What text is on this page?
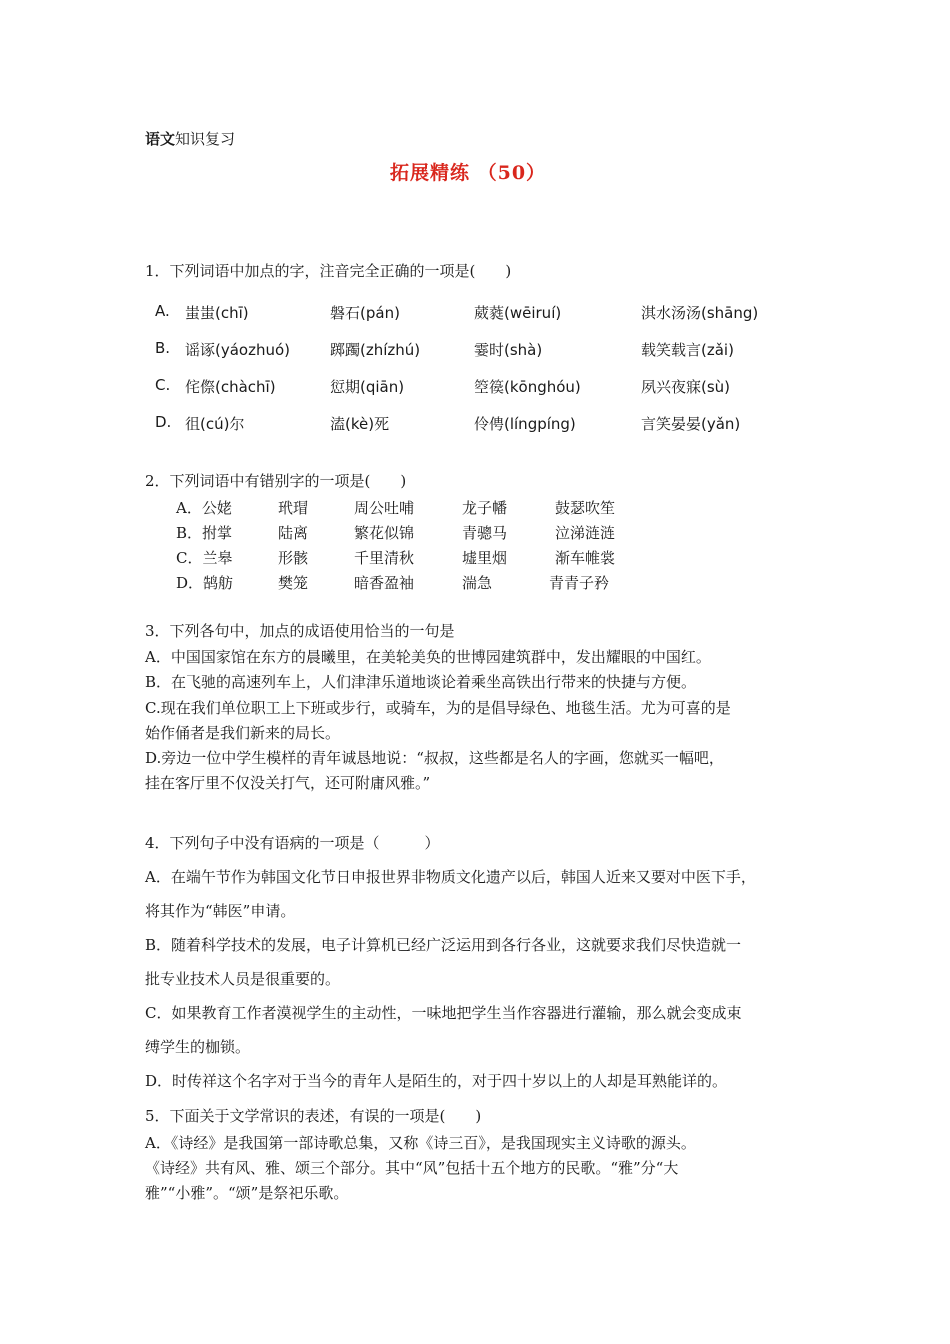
语文知识复习
拓展精练 （50）
1．下列词语中加点的字，注音完全正确的一项是(　　)
A. 蚩蚩(chī)	磐石(pán)	葳蕤(wēiruí)	淇水汤汤(shāng)
B. 谣诼(yáozhuó)	踯躅(zhízhú)	霎时(shà)	载笑载言(zǎi)
C. 侘傺(chàchī)	愆期(qiān)	箜篌(kōnghóu)	夙兴夜寐(sù)
D. 徂(cú)尔	溘(kè)死	伶俜(língpíng)	言笑晏晏(yǎn)
2．下列词语中有错别字的一项是(　　)
A．公姥	玳瑁	周公吐哺	龙子幡	鼓瑟吹笙
B．拊掌	陆离	繁花似锦	青骢马	泣涕涟涟
C．兰皋	形骸	千里清秋	墟里烟	渐车帷裳
D．鹄舫	樊笼	暗香盈袖	湍急	青青子矜
3．下列各句中，加点的成语使用恰当的一句是
A．中国国家馆在东方的晨曦里，在美轮美奂的世博园建筑群中，发出耀眼的中国红。
B．在飞驰的高速列车上，人们津津乐道地谈论着乘坐高铁出行带来的快捷与方便。
C.现在我们单位职工上下班或步行，或骑车，为的是倡导绿色、地毯生活。尤为可喜的是
始作俑者是我们新来的局长。
D.旁边一位中学生模样的青年诚恳地说：“叔叔，这些都是名人的字画，您就买一幅吧，
挂在客厅里不仅没关打气，还可附庸风雅。”
4．下列句子中没有语病的一项是（　　　）
A．在端午节作为韩国文化节日申报世界非物质文化遗产以后，韩国人近来又要对中医下手，
将其作为“韩医”申请。
B．随着科学技术的发展，电子计算机已经广泛运用到各行各业，这就要求我们尽快造就一
批专业技术人员是很重要的。
C．如果教育工作者漠视学生的主动性，一味地把学生当作容器进行灌输，那么就会变成束
缚学生的枷锁。
D．时传祥这个名字对于当今的青年人是陌生的，对于四十岁以上的人却是耳熟能详的。
5．下面关于文学常识的表述，有误的一项是(　　)
A．《诗经》是我国第一部诗歌总集，又称《诗三百》，是我国现实主义诗歌的源头。
《诗经》共有风、雅、颂三个部分。其中“风”包括十五个地方的民歌。“雅”分“大
雅”“小雅”。“颂”是祭祀乐歌。
